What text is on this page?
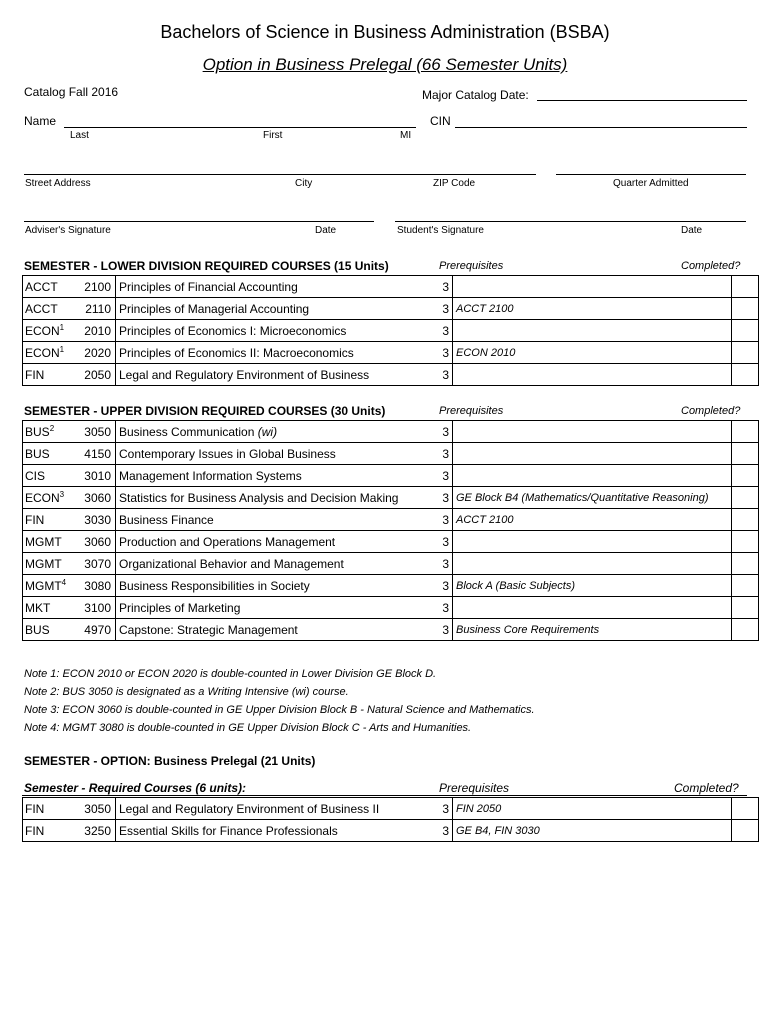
Bachelors of Science in Business Administration (BSBA)
Option in Business Prelegal (66 Semester Units)
Catalog Fall 2016	Major Catalog Date:
Name	CIN
Last	First	MI
Street Address	City	ZIP Code	Quarter Admitted
Adviser's Signature	Date	Student's Signature	Date
SEMESTER - LOWER DIVISION REQUIRED COURSES (15 Units)	Prerequisites	Completed?
ACCT	2100	Principles of Financial Accounting	3		
ACCT	2110	Principles of Managerial Accounting	3	ACCT 2100	
ECON$^1$	2010	Principles of Economics I: Microeconomics	3		
ECON$^1$	2020	Principles of Economics II: Macroeconomics	3	ECON 2010	
FIN	2050	Legal and Regulatory Environment of Business	3		
SEMESTER - UPPER DIVISION REQUIRED COURSES (30 Units)	Prerequisites	Completed?
BUS$^2$	3050	Business Communication (wi)	3		
BUS	4150	Contemporary Issues in Global Business	3		
CIS	3010	Management Information Systems	3		
ECON$^3$	3060	Statistics for Business Analysis and Decision Making	3	GE Block B4 (Mathematics/Quantitative Reasoning)	
FIN	3030	Business Finance	3	ACCT 2100	
MGMT	3060	Production and Operations Management	3		
MGMT	3070	Organizational Behavior and Management	3		
MGMT$^4$	3080	Business Responsibilities in Society	3	Block A (Basic Subjects)	
MKT	3100	Principles of Marketing	3		
BUS	4970	Capstone: Strategic Management	3	Business Core Requirements	
Note 1: ECON 2010 or ECON 2020 is double-counted in Lower Division GE Block D.
Note 2: BUS 3050 is designated as a Writing Intensive (wi) course.
Note 3: ECON 3060 is double-counted in GE Upper Division Block B - Natural Science and Mathematics.
Note 4: MGMT 3080 is double-counted in GE Upper Division Block C - Arts and Humanities.
SEMESTER - OPTION: Business Prelegal (21 Units)
Semester - Required Courses (6 units):	Prerequisites	Completed?
FIN	3050	Legal and Regulatory Environment of Business II	3	FIN 2050	
FIN	3250	Essential Skills for Finance Professionals	3	GE B4, FIN 3030	
